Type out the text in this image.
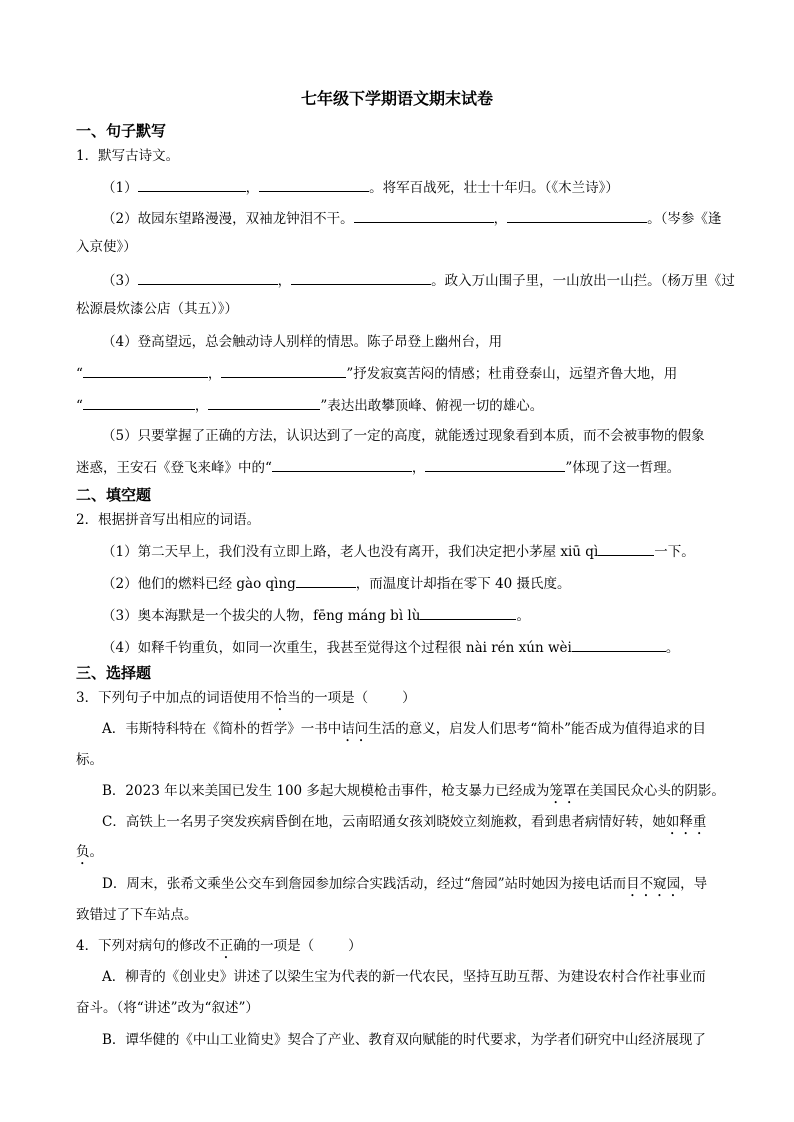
七年级下学期语文期末试卷
一、句子默写
1．默写古诗文。
（1）	，	。将军百战死，壮士十年归。（《木兰诗》）
（2）故园东望路漫漫，双袖龙钟泪不干。	，	。（岑参《逢
入京使》）
（3）	，	。政入万山围子里，一山放出一山拦。（杨万里《过
松源晨炊漆公店（其五）》）
（4）登高望远，总会触动诗人别样的情思。陈子昂登上幽州台，用
“	，	”抒发寂寞苦闷的情感；杜甫登泰山，远望齐鲁大地，用
“	，	”表达出敢攀顶峰、俯视一切的雄心。
（5）只要掌握了正确的方法，认识达到了一定的高度，就能透过现象看到本质，而不会被事物的假象
迷惑，王安石《登飞来峰》中的“	，	”体现了这一哲理。
二、填空题
2．根据拼音写出相应的词语。
（1）第二天早上，我们没有立即上路，老人也没有离开，我们决定把小茅屋 xiū qì	一下。
（2）他们的燃料已经 gào qìng	，而温度计却指在零下 40 摄氏度。
（3）奥本海默是一个拔尖的人物，fēng máng bì lù	。
（4）如释千钧重负，如同一次重生，我甚至觉得这个过程很 nài rén xún wèi	。
三、选择题
3．下列句子中加点的词语使用不恰当的一项是（	）
A．韦斯特科特在《简朴的哲学》一书中诘问生活的意义，启发人们思考“简朴”能否成为值得追求的目
标。
B．2023 年以来美国已发生 100 多起大规模枪击事件，枪支暴力已经成为笼罩在美国民众心头的阴影。
C．高铁上一名男子突发疾病昏倒在地，云南昭通女孩刘晓姣立刻施救，看到患者病情好转，她如释重
负。
D．周末，张希文乘坐公交车到詹园参加综合实践活动，经过“詹园”站时她因为接电话而目不窥园，导
致错过了下车站点。
4．下列对病句的修改不正确的一项是（	）
A．柳青的《创业史》讲述了以梁生宝为代表的新一代农民，坚持互助互帮、为建设农村合作社事业而
奋斗。（将“讲述”改为“叙述”）
B．谭华健的《中山工业简史》契合了产业、教育双向赋能的时代要求，为学者们研究中山经济展现了
